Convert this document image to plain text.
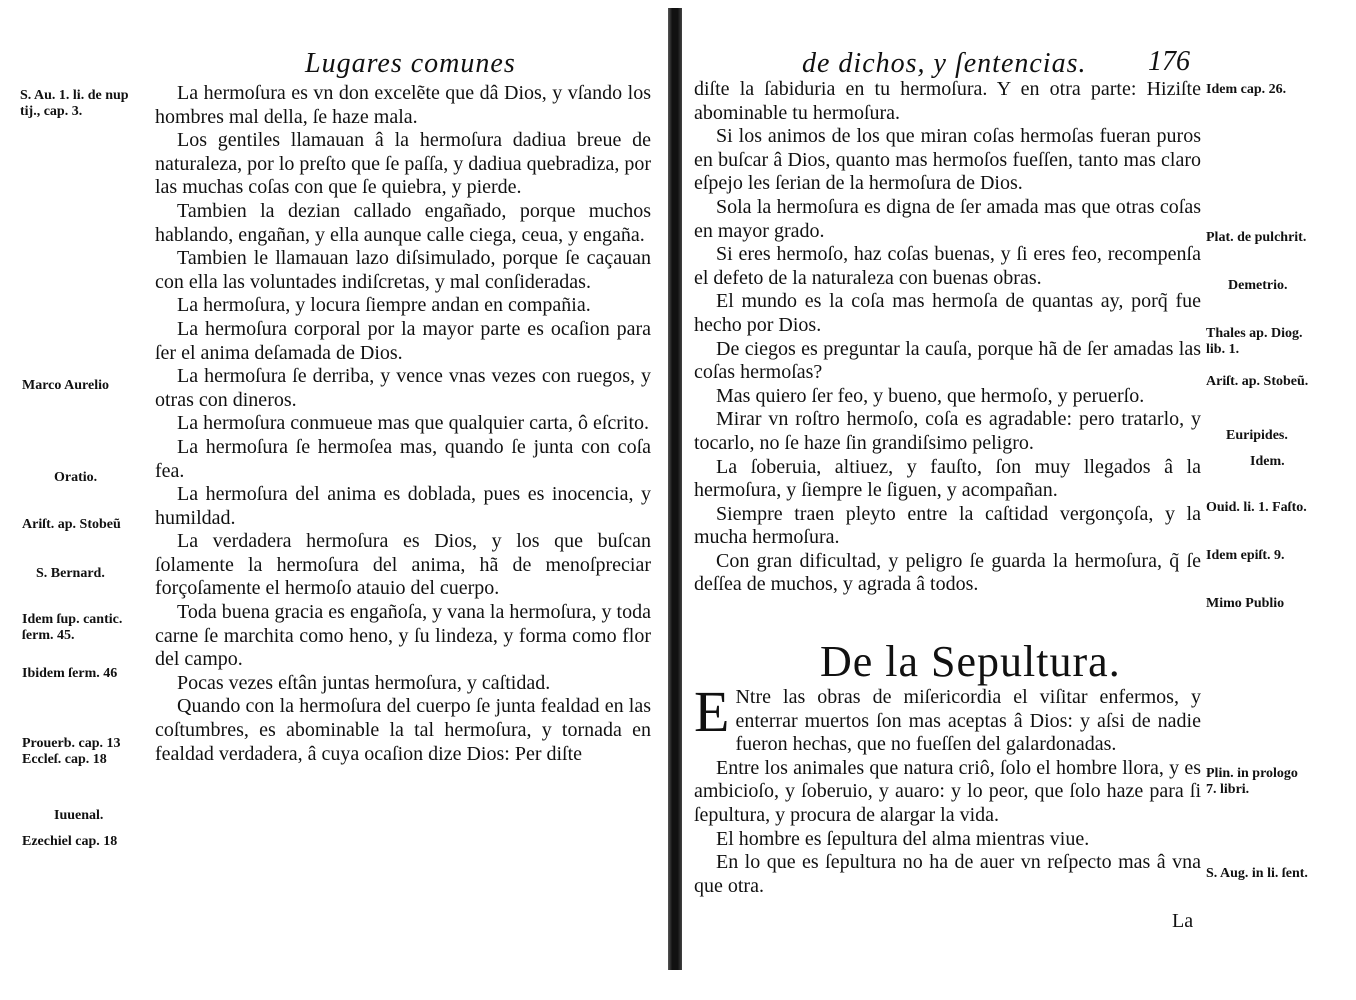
Lugares comunes

La hermoſura es vn don excelẽte que dâ Dios, y vſando los hombres mal della, ſe haze mala.

Los gentiles llamauan â la hermoſura dadiua breue de naturaleza, por lo preſto que ſe paſſa, y dadiua quebradiza, por las muchas coſas con que ſe quiebra, y pierde.

Tambien la dezian callado engañado, porque muchos hablando, engañan, y ella aunque calle ciega, ceua, y engaña.

Tambien le llamauan lazo diſsimulado, porque ſe caçauan con ella las voluntades indiſcretas, y mal conſideradas.

La hermoſura, y locura ſiempre andan en compañia.

La hermoſura corporal por la mayor parte es ocaſion para ſer el anima deſamada de Dios.

La hermoſura ſe derriba, y vence vnas vezes con ruegos, y otras con dineros.

La hermoſura conmueue mas que qualquier carta, ô eſcrito.

La hermoſura ſe hermoſea mas, quando ſe junta con coſa fea.

La hermoſura del anima es doblada, pues es inocencia, y humildad.

La verdadera hermoſura es Dios, y los que buſcan ſolamente la hermoſura del anima, hã de menoſpreciar forçoſamente el hermoſo atauio del cuerpo.

Toda buena gracia es engañoſa, y vana la hermoſura, y toda carne ſe marchita como heno, y ſu lindeza, y forma como flor del campo.

Pocas vezes eſtân juntas hermoſura, y caſtidad.

Quando con la hermoſura del cuerpo ſe junta fealdad en las coſtumbres, es abominable la tal hermoſura, y tornada en fealdad verdadera, â cuya ocaſion dize Dios: Per diſte

S. Au. 1. li. de nup
tij., cap. 3.
Marco Aurelio
Oratio.
Ariſt. ap. Stobeũ
S. Bernard.
Idem ſup. cantic.
ſerm. 45.
Ibidem ſerm. 46
Prouerb. cap. 13
Eccleſ. cap. 18
Iuuenal.
Ezechiel cap. 18
de dichos, y ſentencias. 176

diſte la ſabiduria en tu hermoſura. Y en otra parte: Hiziſte abominable tu hermoſura.

Si los animos de los que miran coſas hermoſas fueran puros en buſcar â Dios, quanto mas hermoſos fueſſen, tanto mas claro eſpejo les ſerian de la hermoſura de Dios.

Sola la hermoſura es digna de ſer amada mas que otras coſas en mayor grado.

Si eres hermoſo, haz coſas buenas, y ſi eres feo, recompenſa el defeto de la naturaleza con buenas obras.

El mundo es la coſa mas hermoſa de quantas ay, porq̃ fue hecho por Dios.

De ciegos es preguntar la cauſa, porque hã de ſer amadas las coſas hermoſas?

Mas quiero ſer feo, y bueno, que hermoſo, y peruerſo.

Mirar vn roſtro hermoſo, coſa es agradable: pero tratarlo, y tocarlo, no ſe haze ſin grandiſsimo peligro.

La ſoberuia, altiuez, y fauſto, ſon muy llegados â la hermoſura, y ſiempre le ſiguen, y acompañan.

Siempre traen pleyto entre la caſtidad vergonçoſa, y la mucha hermoſura.

Con gran dificultad, y peligro ſe guarda la hermoſura, q̃ ſe deſſea de muchos, y agrada â todos.

De la Sepultura.

E Ntre las obras de miſericordia el viſitar enfermos, y enterrar muertos ſon mas aceptas â Dios: y aſsi de nadie fueron hechas, que no fueſſen del galardonadas.

Entre los animales que natura criô, ſolo el hombre llora, y es ambicioſo, y ſoberuio, y auaro: y lo peor, que ſolo haze para ſi ſepultura, y procura de alargar la vida.

El hombre es ſepultura del alma mientras viue.

En lo que es ſepultura no ha de auer vn reſpecto mas â vna que otra.

Idem cap. 26.
Plat. de pulchrit.
Demetrio.
Thales ap. Diog.
lib. 1.
Ariſt. ap. Stobeũ.
Euripides.
Idem.
Ouid. li. 1. Faſto.
Idem epiſt. 9.
Mimo Publio
Plin. in prologo
7. libri.
S. Aug. in li. ſent.
La
